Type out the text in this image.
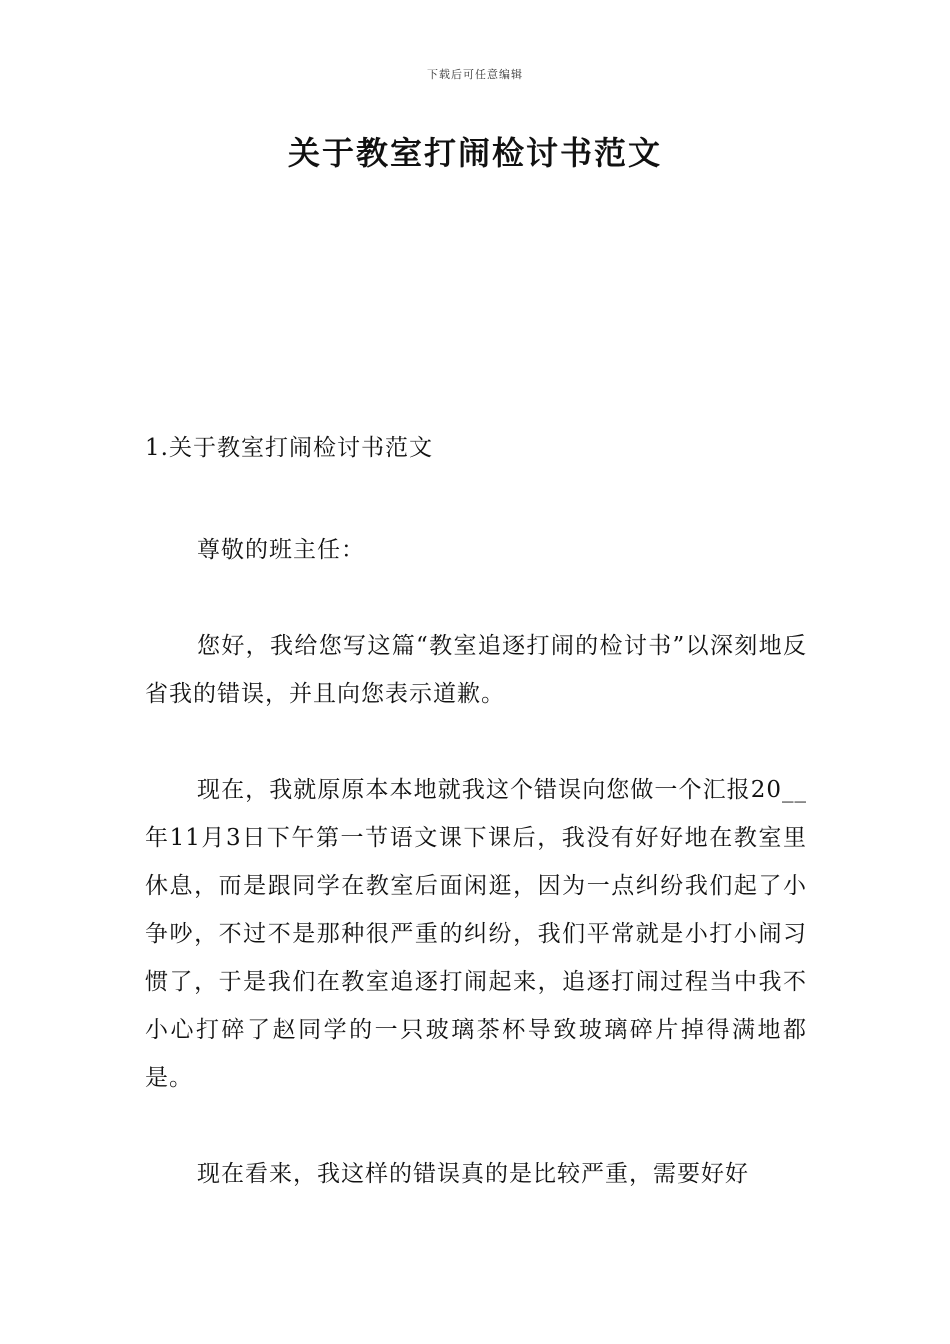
下载后可任意编辑
关于教室打闹检讨书范文

1.关于教室打闹检讨书范文

尊敬的班主任：

您好，我给您写这篇“教室追逐打闹的检讨书”以深刻地反省我的错误，并且向您表示道歉。

现在，我就原原本本地就我这个错误向您做一个汇报20__年11月3日下午第一节语文课下课后，我没有好好地在教室里休息，而是跟同学在教室后面闲逛，因为一点纠纷我们起了小争吵，不过不是那种很严重的纠纷，我们平常就是小打小闹习惯了，于是我们在教室追逐打闹起来，追逐打闹过程当中我不小心打碎了赵同学的一只玻璃茶杯导致玻璃碎片掉得满地都是。

现在看来，我这样的错误真的是比较严重，需要好好
